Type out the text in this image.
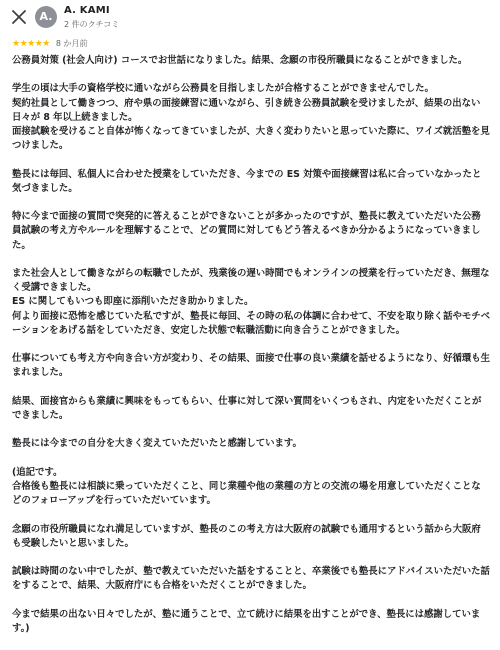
A.	A. KAMI
2 件のクチコミ
★★★★★ 8 か月前

公務員対策 (社会人向け) コースでお世話になりました。結果、念願の市役所職員になることができました。

学生の頃は大手の資格学校に通いながら公務員を目指しましたが合格することができませんでした。
契約社員として働きつつ、府や県の面接練習に通いながら、引き続き公務員試験を受けましたが、結果の出ない日々が 8 年以上続きました。
面接試験を受けること自体が怖くなってきていましたが、大きく変わりたいと思っていた際に、ワイズ就活塾を見つけました。

塾長には毎回、私個人に合わせた授業をしていただき、今までの ES 対策や面接練習は私に合っていなかったと気づきました。

特に今まで面接の質問で突発的に答えることができないことが多かったのですが、塾長に教えていただいた公務員試験の考え方やルールを理解することで、どの質問に対してもどう答えるべきか分かるようになっていきました。

また社会人として働きながらの転職でしたが、残業後の遅い時間でもオンラインの授業を行っていただき、無理なく受講できました。
ES に関してもいつも即座に添削いただき助かりました。
何より面接に恐怖を感じていた私ですが、塾長に毎回、その時の私の体調に合わせて、不安を取り除く話やモチベーションをあげる話をしていただき、安定した状態で転職活動に向き合うことができました。

仕事についても考え方や向き合い方が変わり、その結果、面接で仕事の良い業績を話せるようになり、好循環も生まれました。

結果、面接官からも業績に興味をもってもらい、仕事に対して深い質問をいくつもされ、内定をいただくことができました。

塾長には今までの自分を大きく変えていただいたと感謝しています。

(追記です。
合格後も塾長には相談に乗っていただくこと、同じ業種や他の業種の方との交流の場を用意していただくことなどのフォローアップを行っていただいています。

念願の市役所職員になれ満足していますが、塾長のこの考え方は大阪府の試験でも通用するという話から大阪府も受験したいと思いました。

試験は時間のない中でしたが、塾で教えていただいた話をすることと、卒業後でも塾長にアドバイスいただいた話をすることで、結果、大阪府庁にも合格をいただくことができました。

今まで結果の出ない日々でしたが、塾に通うことで、立て続けに結果を出すことができ、塾長には感謝しています。)
